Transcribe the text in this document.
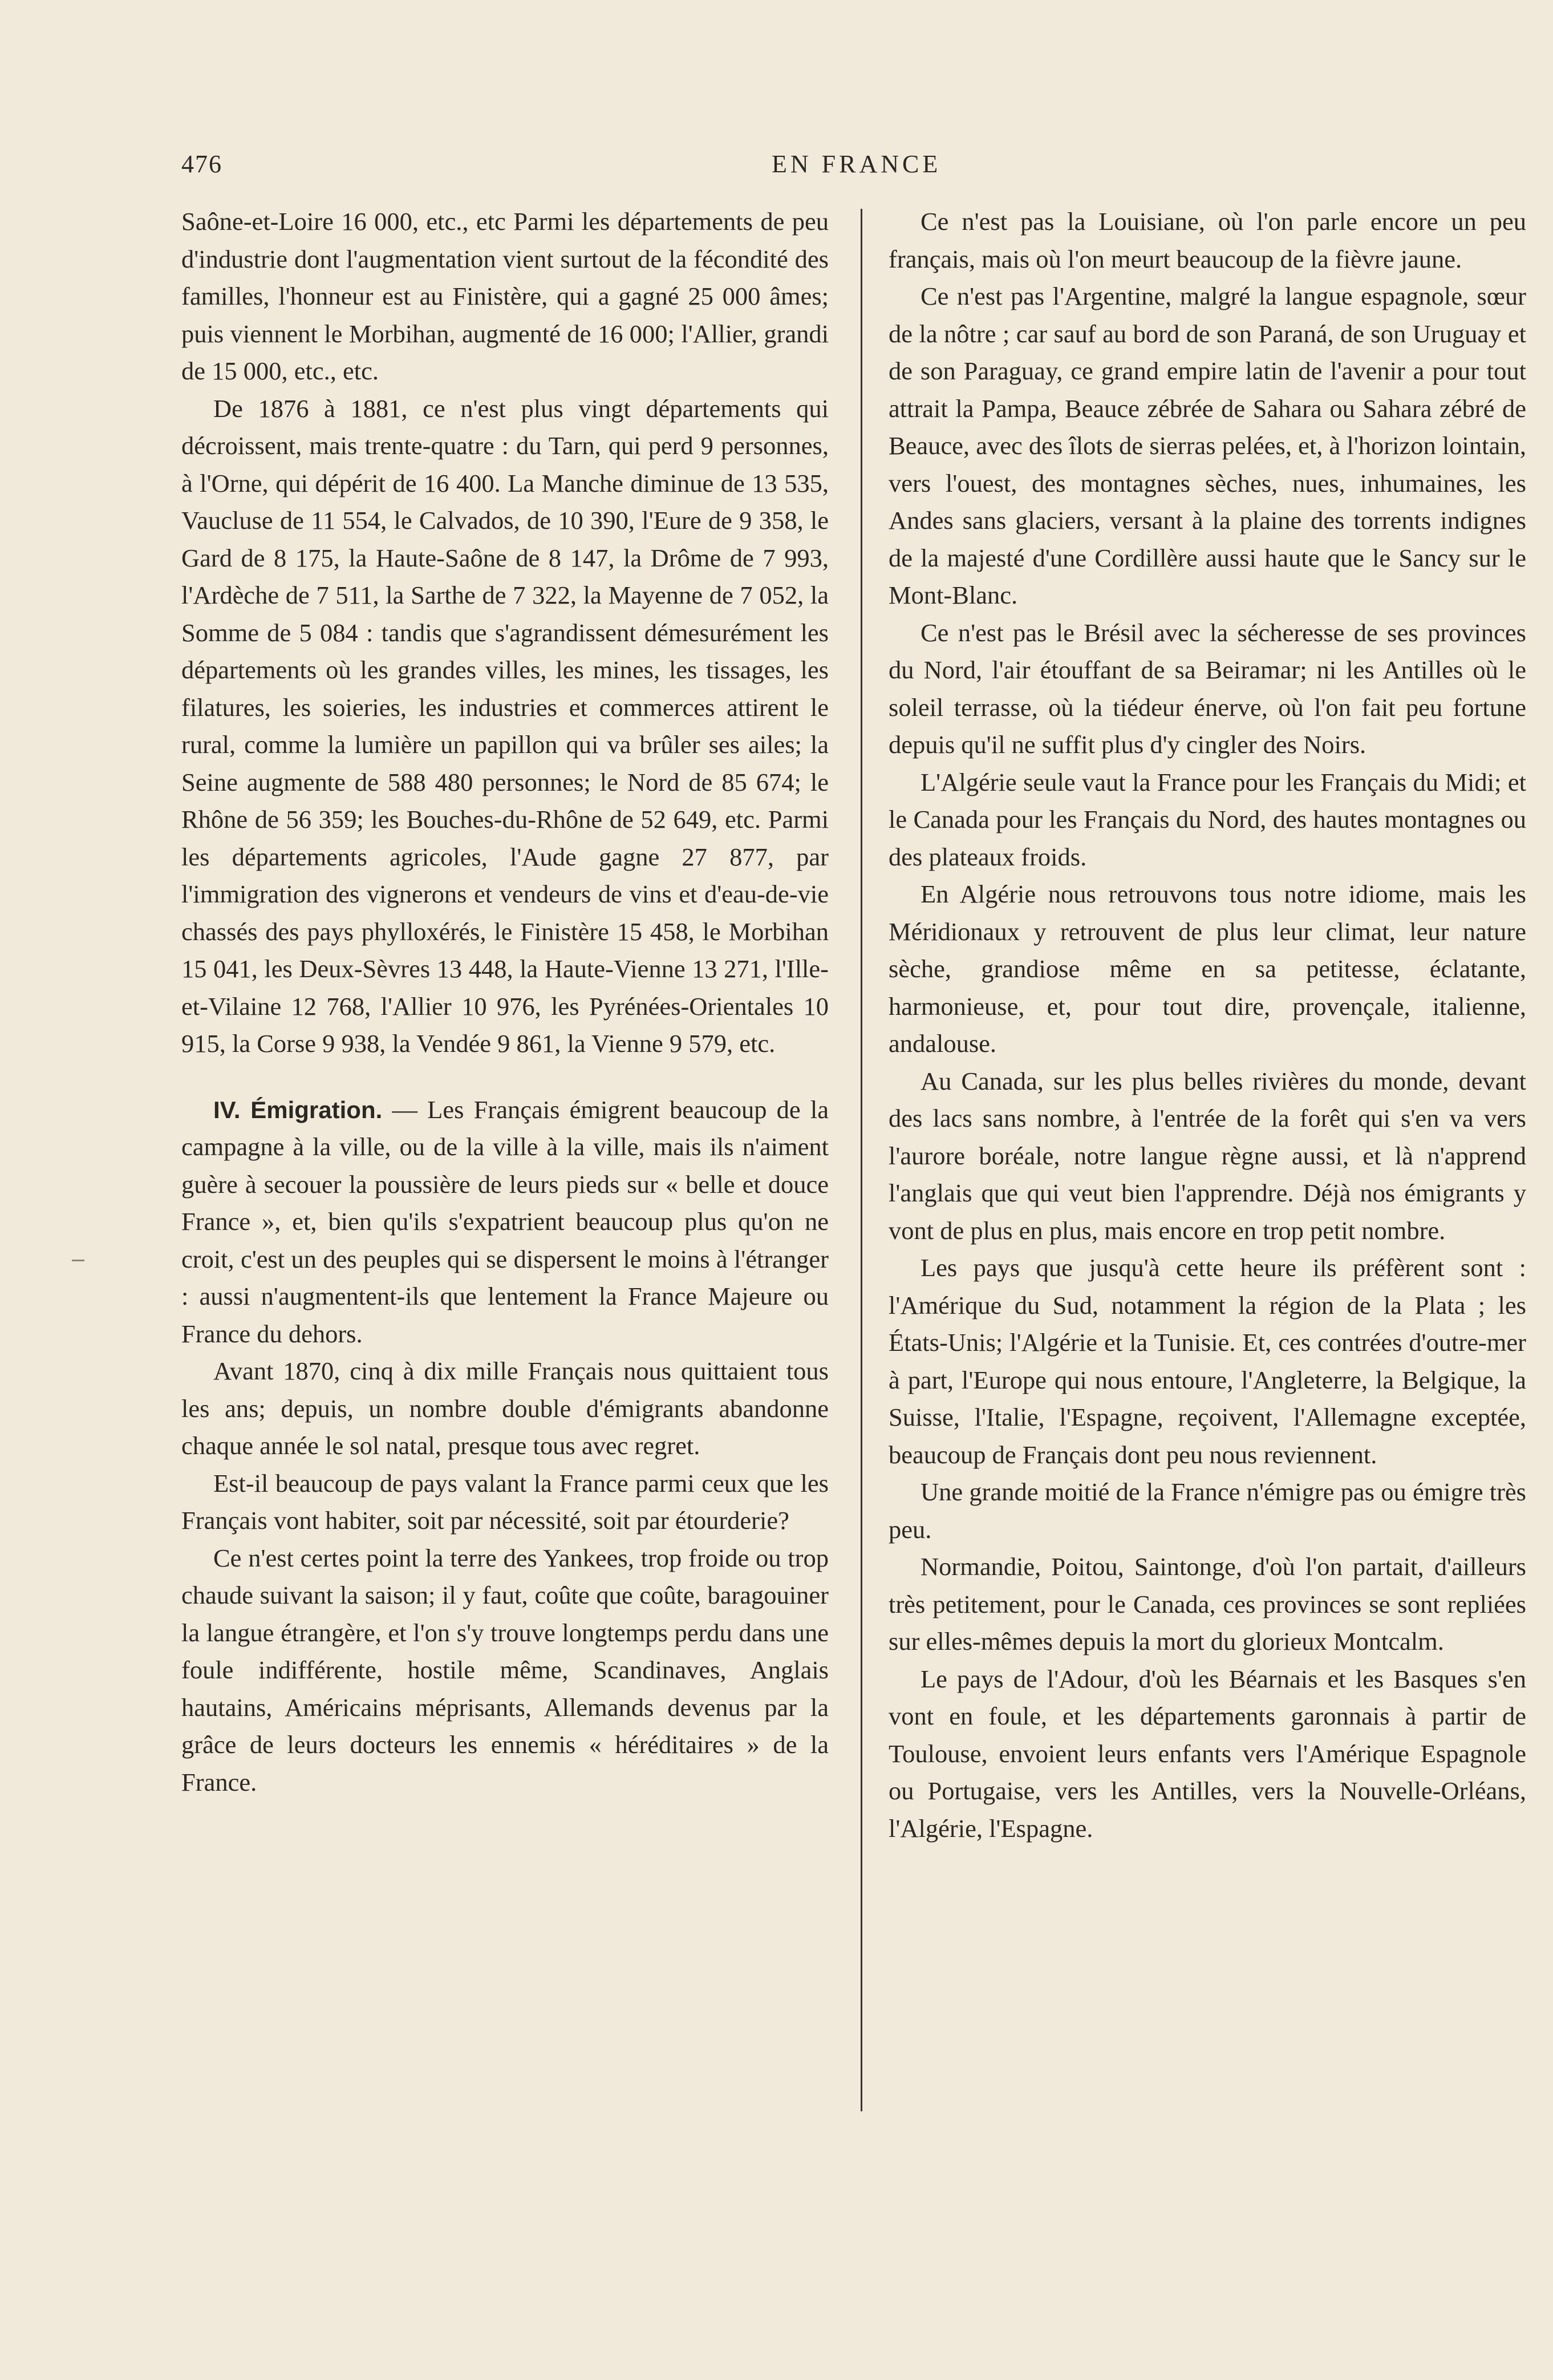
476	EN FRANCE

Saône-et-Loire 16 000, etc., etc Parmi les départements de peu d'industrie dont l'augmentation vient surtout de la fécondité des familles, l'honneur est au Finistère, qui a gagné 25 000 âmes; puis viennent le Morbihan, augmenté de 16 000; l'Allier, grandi de 15 000, etc., etc.

De 1876 à 1881, ce n'est plus vingt départements qui décroissent, mais trente-quatre : du Tarn, qui perd 9 personnes, à l'Orne, qui dépérit de 16 400. La Manche diminue de 13 535, Vaucluse de 11 554, le Calvados, de 10 390, l'Eure de 9 358, le Gard de 8 175, la Haute-Saône de 8 147, la Drôme de 7 993, l'Ardèche de 7 511, la Sarthe de 7 322, la Mayenne de 7 052, la Somme de 5 084 : tandis que s'agrandissent démesurément les départements où les grandes villes, les mines, les tissages, les filatures, les soieries, les industries et commerces attirent le rural, comme la lumière un papillon qui va brûler ses ailes; la Seine augmente de 588 480 personnes; le Nord de 85 674; le Rhône de 56 359; les Bouches-du-Rhône de 52 649, etc. Parmi les départements agricoles, l'Aude gagne 27 877, par l'immigration des vignerons et vendeurs de vins et d'eau-de-vie chassés des pays phylloxérés, le Finistère 15 458, le Morbihan 15 041, les Deux-Sèvres 13 448, la Haute-Vienne 13 271, l'Ille-et-Vilaine 12 768, l'Allier 10 976, les Pyrénées-Orientales 10 915, la Corse 9 938, la Vendée 9 861, la Vienne 9 579, etc.

IV. Émigration. — Les Français émigrent beaucoup de la campagne à la ville, ou de la ville à la ville, mais ils n'aiment guère à secouer la poussière de leurs pieds sur « belle et douce France », et, bien qu'ils s'expatrient beaucoup plus qu'on ne croit, c'est un des peuples qui se dispersent le moins à l'étranger : aussi n'augmentent-ils que lentement la France Majeure ou France du dehors.

Avant 1870, cinq à dix mille Français nous quittaient tous les ans; depuis, un nombre double d'émigrants abandonne chaque année le sol natal, presque tous avec regret.

Est-il beaucoup de pays valant la France parmi ceux que les Français vont habiter, soit par nécessité, soit par étourderie?

Ce n'est certes point la terre des Yankees, trop froide ou trop chaude suivant la saison; il y faut, coûte que coûte, baragouiner la langue étrangère, et l'on s'y trouve longtemps perdu dans une foule indifférente, hostile même, Scandinaves, Anglais hautains, Américains méprisants, Allemands devenus par la grâce de leurs docteurs les ennemis « héréditaires » de la France.

Ce n'est pas la Louisiane, où l'on parle encore un peu français, mais où l'on meurt beaucoup de la fièvre jaune.

Ce n'est pas l'Argentine, malgré la langue espagnole, sœur de la nôtre ; car sauf au bord de son Paraná, de son Uruguay et de son Paraguay, ce grand empire latin de l'avenir a pour tout attrait la Pampa, Beauce zébrée de Sahara ou Sahara zébré de Beauce, avec des îlots de sierras pelées, et, à l'horizon lointain, vers l'ouest, des montagnes sèches, nues, inhumaines, les Andes sans glaciers, versant à la plaine des torrents indignes de la majesté d'une Cordillère aussi haute que le Sancy sur le Mont-Blanc.

Ce n'est pas le Brésil avec la sécheresse de ses provinces du Nord, l'air étouffant de sa Beiramar; ni les Antilles où le soleil terrasse, où la tiédeur énerve, où l'on fait peu fortune depuis qu'il ne suffit plus d'y cingler des Noirs.

L'Algérie seule vaut la France pour les Français du Midi; et le Canada pour les Français du Nord, des hautes montagnes ou des plateaux froids.

En Algérie nous retrouvons tous notre idiome, mais les Méridionaux y retrouvent de plus leur climat, leur nature sèche, grandiose même en sa petitesse, éclatante, harmonieuse, et, pour tout dire, provençale, italienne, andalouse.

Au Canada, sur les plus belles rivières du monde, devant des lacs sans nombre, à l'entrée de la forêt qui s'en va vers l'aurore boréale, notre langue règne aussi, et là n'apprend l'anglais que qui veut bien l'apprendre. Déjà nos émigrants y vont de plus en plus, mais encore en trop petit nombre.

Les pays que jusqu'à cette heure ils préfèrent sont : l'Amérique du Sud, notamment la région de la Plata ; les États-Unis; l'Algérie et la Tunisie. Et, ces contrées d'outre-mer à part, l'Europe qui nous entoure, l'Angleterre, la Belgique, la Suisse, l'Italie, l'Espagne, reçoivent, l'Allemagne exceptée, beaucoup de Français dont peu nous reviennent.

Une grande moitié de la France n'émigre pas ou émigre très peu.

Normandie, Poitou, Saintonge, d'où l'on partait, d'ailleurs très petitement, pour le Canada, ces provinces se sont repliées sur elles-mêmes depuis la mort du glorieux Montcalm.

Le pays de l'Adour, d'où les Béarnais et les Basques s'en vont en foule, et les départements garonnais à partir de Toulouse, envoient leurs enfants vers l'Amérique Espagnole ou Portugaise, vers les Antilles, vers la Nouvelle-Orléans, l'Algérie, l'Espagne.
